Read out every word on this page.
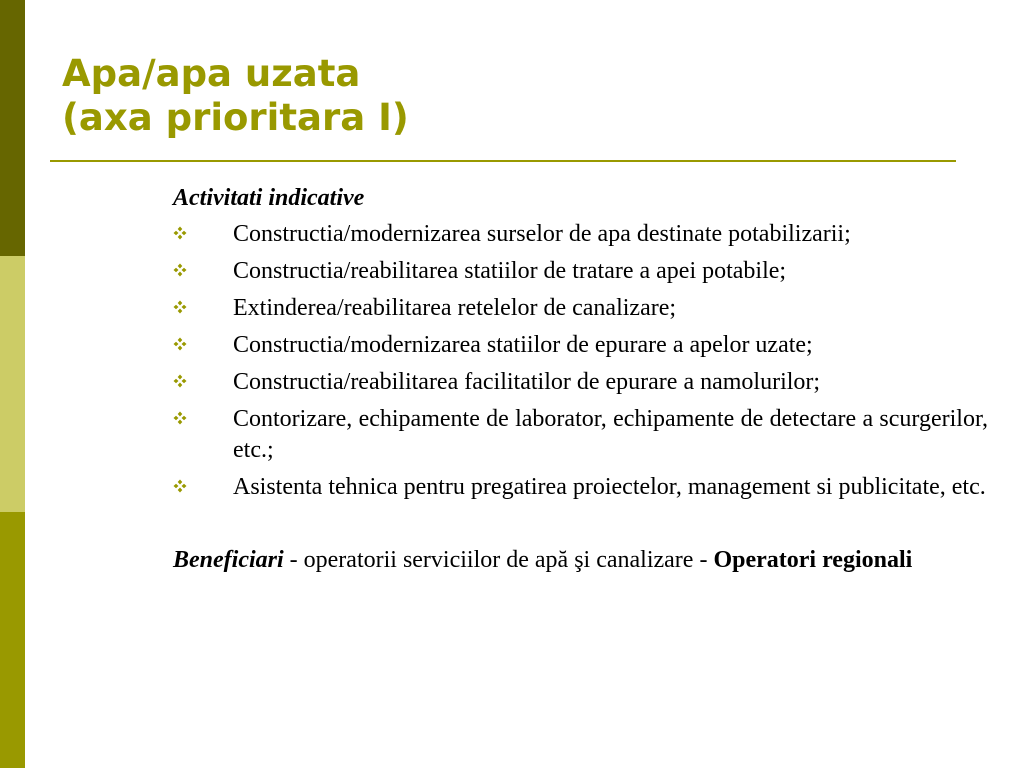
Apa/apa uzata
(axa prioritara I)

Activitati indicative

Constructia/modernizarea surselor de apa destinate potabilizarii;
Constructia/reabilitarea statiilor de tratare a apei potabile;
Extinderea/reabilitarea retelelor de canalizare;
Constructia/modernizarea statiilor de epurare a apelor uzate;
Constructia/reabilitarea facilitatilor de epurare a namolurilor;
Contorizare, echipamente de laborator, echipamente de detectare a scurgerilor, etc.;
Asistenta tehnica pentru pregatirea proiectelor, management si publicitate, etc.

Beneficiari - operatorii serviciilor de apă şi canalizare - Operatori regionali
